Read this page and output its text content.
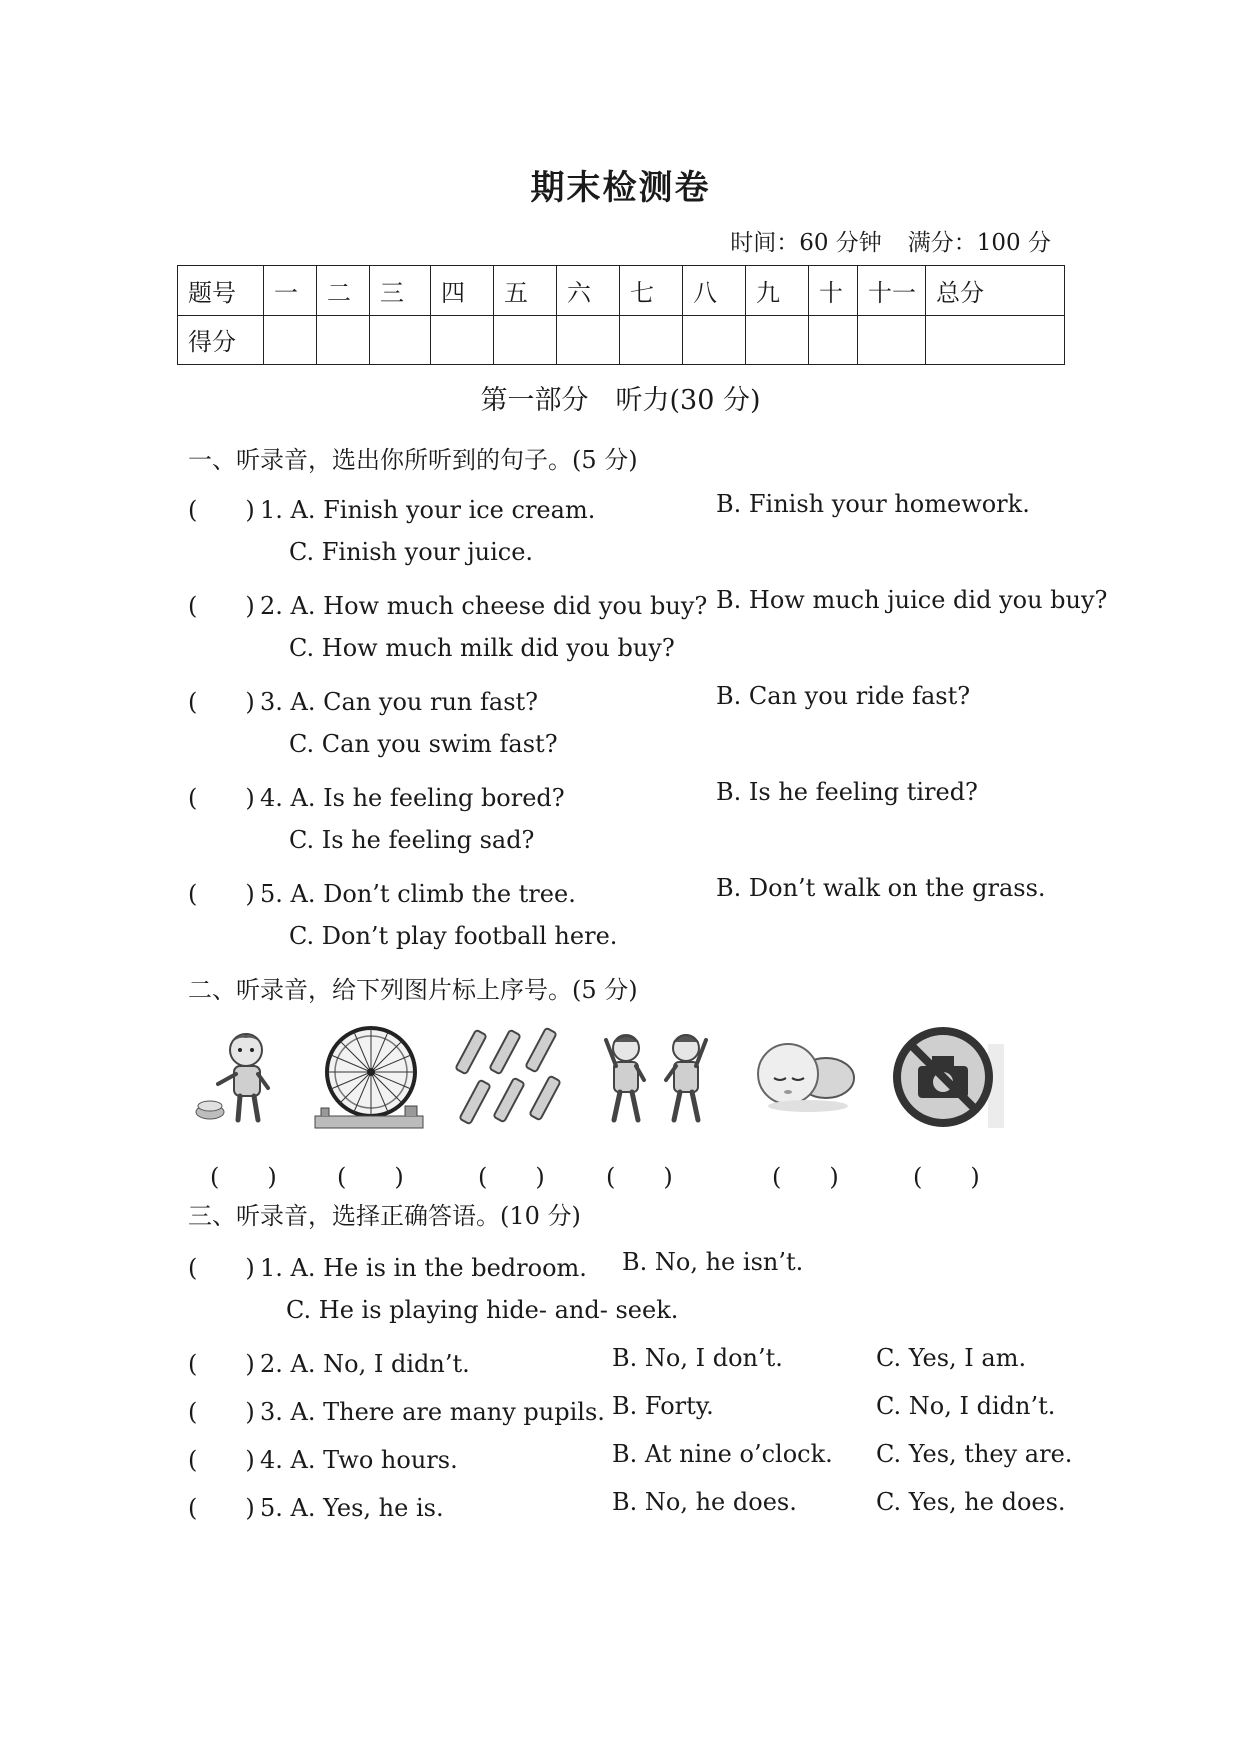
期末检测卷
时间：60 分钟 满分：100 分
题号	一	二	三	四	五	六	七	八	九	十	十一	总分
得分												
第一部分　听力(30 分)
一、听录音，选出你所听到的句子。(5 分)
(　　) 1. A. Finish your ice cream.	B. Finish your homework.
C. Finish your juice.
(　　) 2. A. How much cheese did you buy? B. How much juice did you buy?
C. How much milk did you buy?
(　　) 3. A. Can you run fast?	B. Can you ride fast?
C. Can you swim fast?
(　　) 4. A. Is he feeling bored?	B. Is he feeling tired?
C. Is he feeling sad?
(　　) 5. A. Don’t climb the tree.	B. Don’t walk on the grass.
C. Don’t play football here.
二、听录音，给下列图片标上序号。(5 分)
(　　)	(　　)	(　　)	(　　)	(　　)	(　　)
三、听录音，选择正确答语。(10 分)
(　　) 1. A. He is in the bedroom. B. No, he isn’t.
C. He is playing hide- and- seek.
(　　) 2. A. No, I didn’t.	B. No, I don’t.	C. Yes, I am.
(　　) 3. A. There are many pupils. B. Forty.	C. No, I didn’t.
(　　) 4. A. Two hours.	B. At nine o’clock. C. Yes, they are.
(　　) 5. A. Yes, he is.	B. No, he does.	C. Yes, he does.
